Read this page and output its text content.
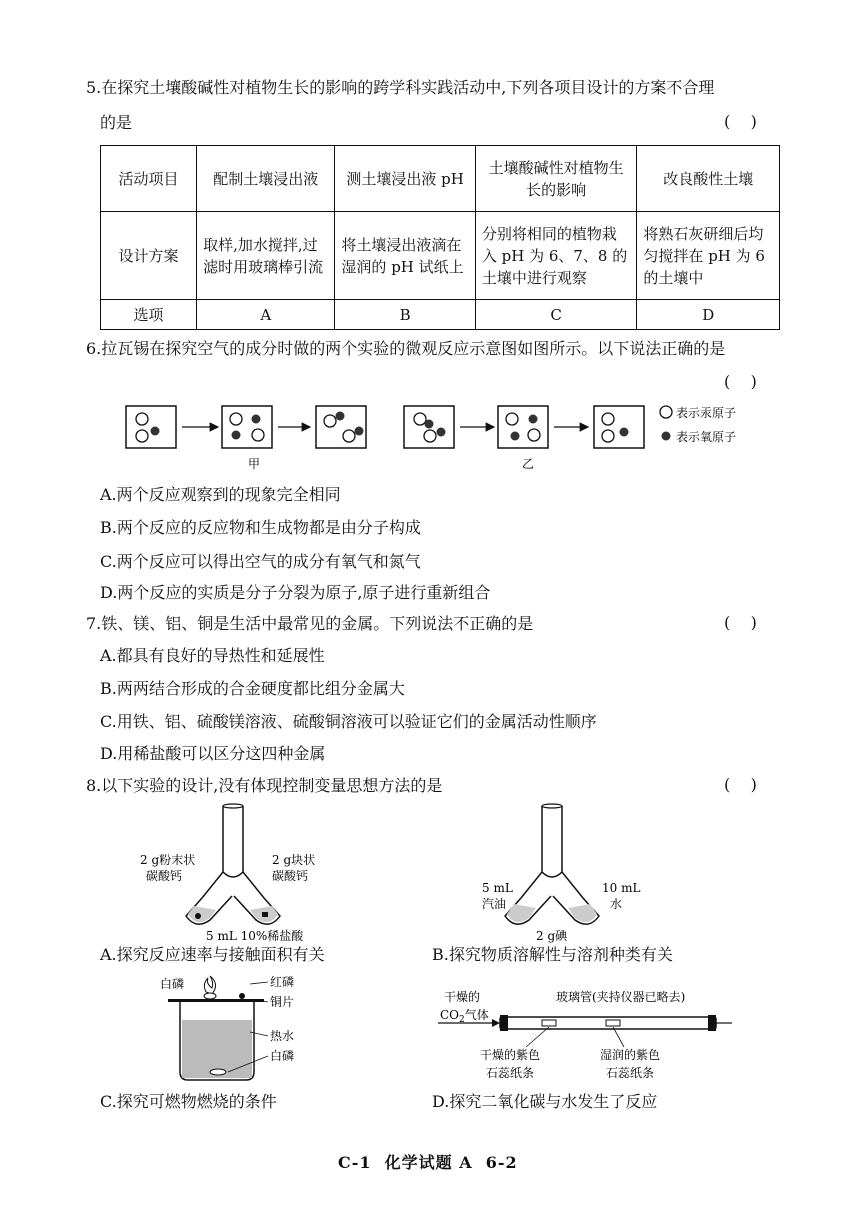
5.在探究土壤酸碱性对植物生长的影响的跨学科实践活动中,下列各项目设计的方案不合理
的是	(    )
活动项目	配制土壤浸出液	测土壤浸出液 pH	土壤酸碱性对植物生长的影响	改良酸性土壤
设计方案	取样,加水搅拌,过滤时用玻璃棒引流	将土壤浸出液滴在湿润的 pH 试纸上	分别将相同的植物栽入 pH 为 6、7、8 的土壤中进行观察	将熟石灰研细后均匀搅拌在 pH 为 6 的土壤中
选项	A	B	C	D
6.拉瓦锡在探究空气的成分时做的两个实验的微观反应示意图如图所示。以下说法正确的是
(    )
甲	乙
表示汞原子
表示氧原子
A.两个反应观察到的现象完全相同
B.两个反应的反应物和生成物都是由分子构成
C.两个反应可以得出空气的成分有氧气和氮气
D.两个反应的实质是分子分裂为原子,原子进行重新组合
7.铁、镁、铝、铜是生活中最常见的金属。下列说法不正确的是	(    )
A.都具有良好的导热性和延展性
B.两两结合形成的合金硬度都比组分金属大
C.用铁、铝、硫酸镁溶液、硫酸铜溶液可以验证它们的金属活动性顺序
D.用稀盐酸可以区分这四种金属
8.以下实验的设计,没有体现控制变量思想方法的是	(    )
2 g粉末状
碳酸钙
2 g块状
碳酸钙
5 mL 10%稀盐酸
A.探究反应速率与接触面积有关
5 mL
汽油
10 mL
水
2 g碘
B.探究物质溶解性与溶剂种类有关
白磷	红磷
铜片
热水
白磷
C.探究可燃物燃烧的条件
干燥的
$CO_2$气体
玻璃管(夹持仪器已略去)
干燥的紫色
石蕊纸条
湿润的紫色
石蕊纸条
D.探究二氧化碳与水发生了反应
C-1  化学试题 A  6-2
